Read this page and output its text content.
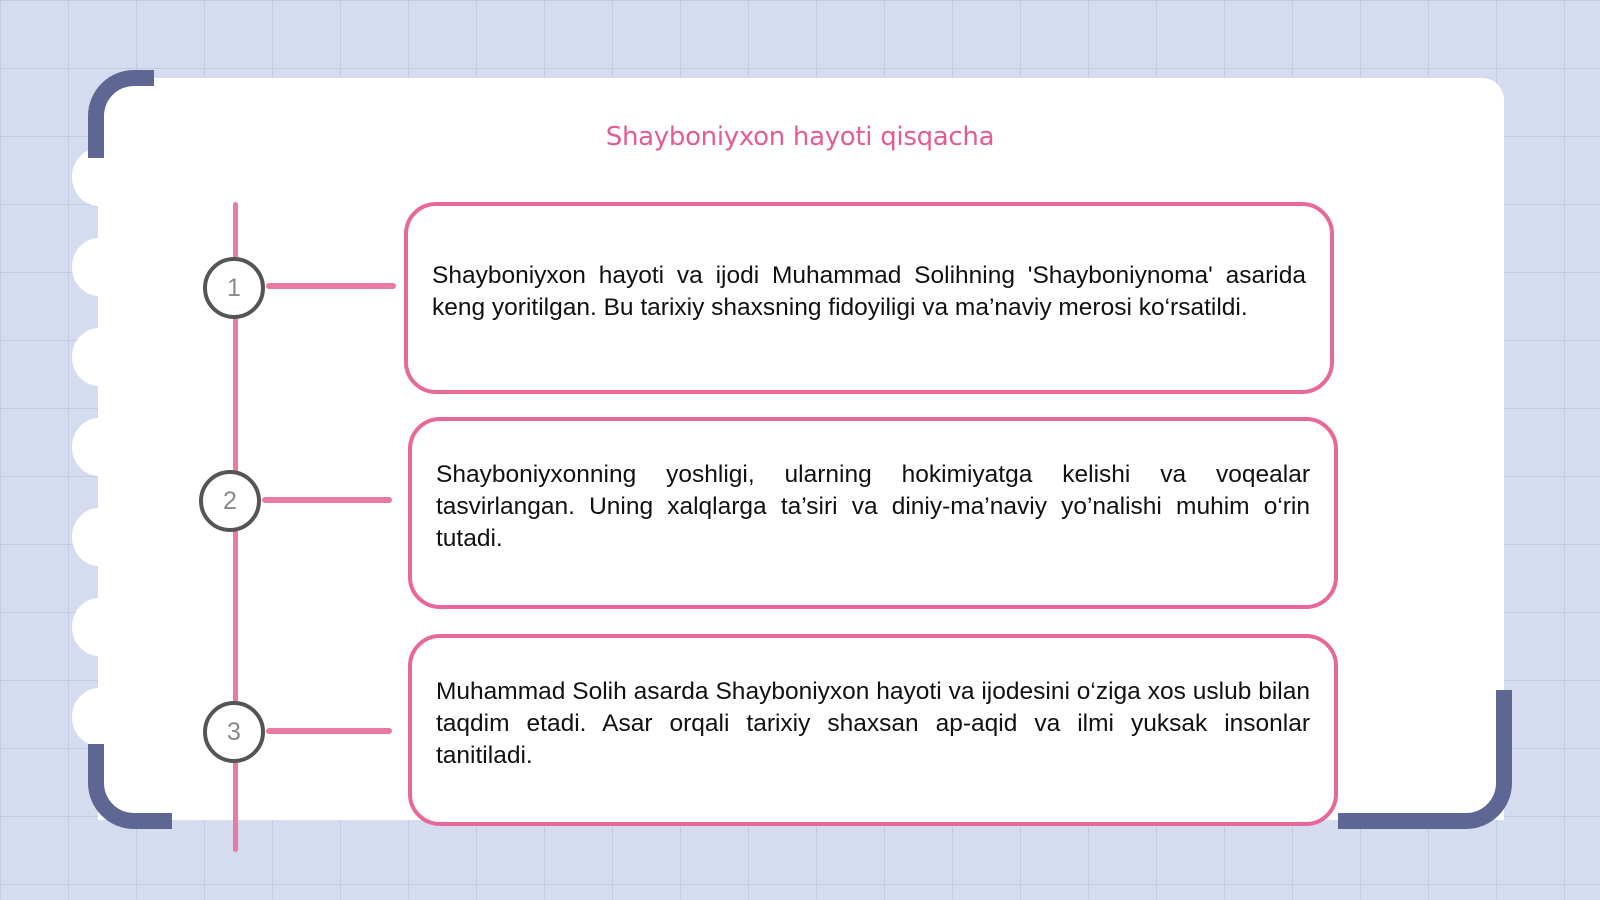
Shayboniyxon hayoti qisqacha
1	Shayboniyxon hayoti va ijodi Muhammad Solihning 'Shayboniynoma' asarida keng yoritilgan. Bu tarixiy shaxsning fidoyiligi va ma’naviy merosi ko‘rsatildi.
2
Shayboniyxonning yoshligi, ularning hokimiyatga kelishi va voqealar tasvirlangan. Uning xalqlarga ta’siri va diniy-ma’naviy yo’nalishi muhim o‘rin tutadi.
3
Muhammad Solih asarda Shayboniyxon hayoti va ijodesini o‘ziga xos uslub bilan taqdim etadi. Asar orqali tarixiy shaxsan ap-aqid va ilmi yuksak insonlar tanitiladi.
